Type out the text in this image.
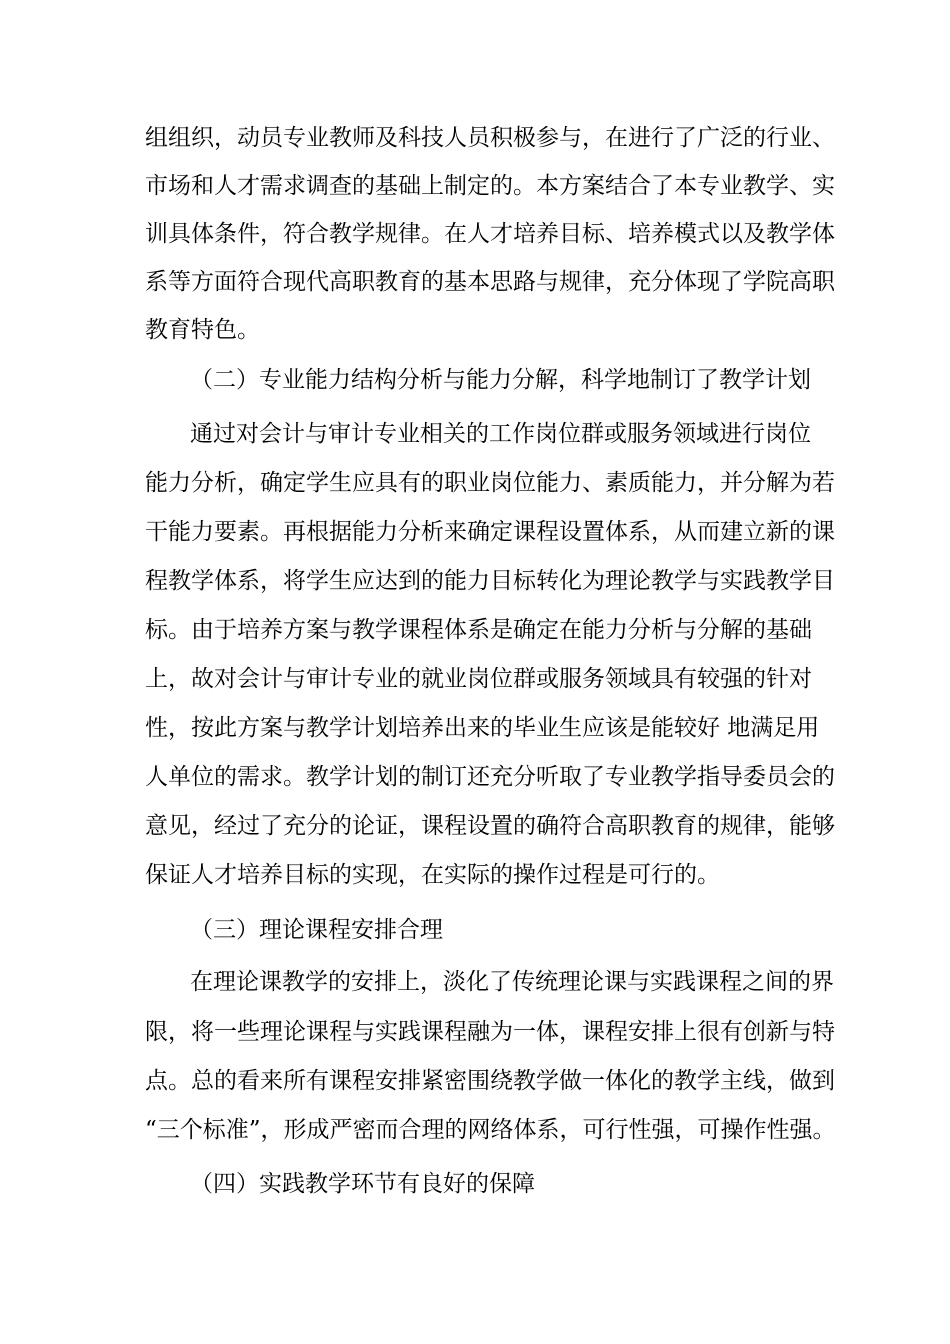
组组织，动员专业教师及科技人员积极参与，在进行了广泛的行业、
市场和人才需求调查的基础上制定的。本方案结合了本专业教学、实
训具体条件，符合教学规律。在人才培养目标、培养模式以及教学体
系等方面符合现代高职教育的基本思路与规律，充分体现了学院高职
教育特色。
（二）专业能力结构分析与能力分解，科学地制订了教学计划
通过对会计与审计专业相关的工作岗位群或服务领域进行岗位
能力分析，确定学生应具有的职业岗位能力、素质能力，并分解为若
干能力要素。再根据能力分析来确定课程设置体系，从而建立新的课
程教学体系，将学生应达到的能力目标转化为理论教学与实践教学目
标。由于培养方案与教学课程体系是确定在能力分析与分解的基础
上，故对会计与审计专业的就业岗位群或服务领域具有较强的针对
性，按此方案与教学计划培养出来的毕业生应该是能较好 地满足用
人单位的需求。教学计划的制订还充分听取了专业教学指导委员会的
意见，经过了充分的论证，课程设置的确符合高职教育的规律，能够
保证人才培养目标的实现，在实际的操作过程是可行的。
（三）理论课程安排合理
在理论课教学的安排上，淡化了传统理论课与实践课程之间的界
限，将一些理论课程与实践课程融为一体，课程安排上很有创新与特
点。总的看来所有课程安排紧密围绕教学做一体化的教学主线，做到
“三个标准”，形成严密而合理的网络体系，可行性强，可操作性强。
（四）实践教学环节有良好的保障
